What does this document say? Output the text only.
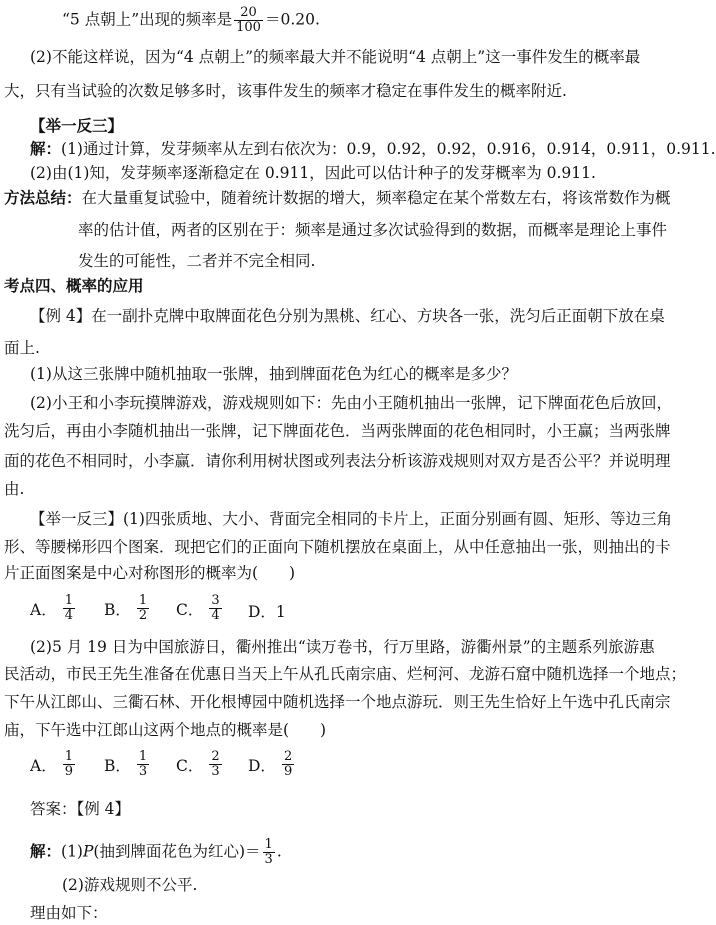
“5 点朝上”出现的频率是 $\frac{20}{100} =0.20$.
(2)不能这样说，因为“4 点朝上”的频率最大并不能说明“4 点朝上”这一事件发生的概率最
大，只有当试验的次数足够多时，该事件发生的频率才稳定在事件发生的概率附近.
【举一反三】
解：(1)通过计算，发芽频率从左到右依次为：0.9，0.92，0.92，0.916，0.914，0.911，0.911.
(2)由(1)知，发芽频率逐渐稳定在 0.911，因此可以估计种子的发芽概率为 0.911.
方法总结：在大量重复试验中，随着统计数据的增大，频率稳定在某个常数左右，将该常数作为概
率的估计值，两者的区别在于：频率是通过多次试验得到的数据，而概率是理论上事件
发生的可能性，二者并不完全相同.
考点四、概率的应用
【例 4】在一副扑克牌中取牌面花色分别为黑桃、红心、方块各一张，洗匀后正面朝下放在桌
面上.
(1)从这三张牌中随机抽取一张牌，抽到牌面花色为红心的概率是多少？
(2)小王和小李玩摸牌游戏，游戏规则如下：先由小王随机抽出一张牌，记下牌面花色后放回，
洗匀后，再由小李随机抽出一张牌，记下牌面花色．当两张牌面的花色相同时，小王赢；当两张牌
面的花色不相同时，小李赢．请你利用树状图或列表法分析该游戏规则对双方是否公平？并说明理
由.
【举一反三】(1)四张质地、大小、背面完全相同的卡片上，正面分别画有圆、矩形、等边三角
形、等腰梯形四个图案．现把它们的正面向下随机摆放在桌面上，从中任意抽出一张，则抽出的卡
片正面图案是中心对称图形的概率为(　　)
A． $\frac{1}{4}$ B． $\frac{1}{2}$ C． $\frac{3}{4}$ D．1
(2)5 月 19 日为中国旅游日，衢州推出“读万卷书，行万里路，游衢州景”的主题系列旅游惠
民活动，市民王先生准备在优惠日当天上午从孔氏南宗庙、烂柯河、龙游石窟中随机选择一个地点；
下午从江郎山、三衢石林、开化根博园中随机选择一个地点游玩．则王先生恰好上午选中孔氏南宗
庙，下午选中江郎山这两个地点的概率是(　　)
A． $\frac{1}{9}$ B． $\frac{1}{3}$ C． $\frac{2}{3}$ D． $\frac{2}{9}$
答案：【例 4】
解：(1)P(抽到牌面花色为红心)＝ $\frac{1}{3}$ .
(2)游戏规则不公平.
理由如下：
